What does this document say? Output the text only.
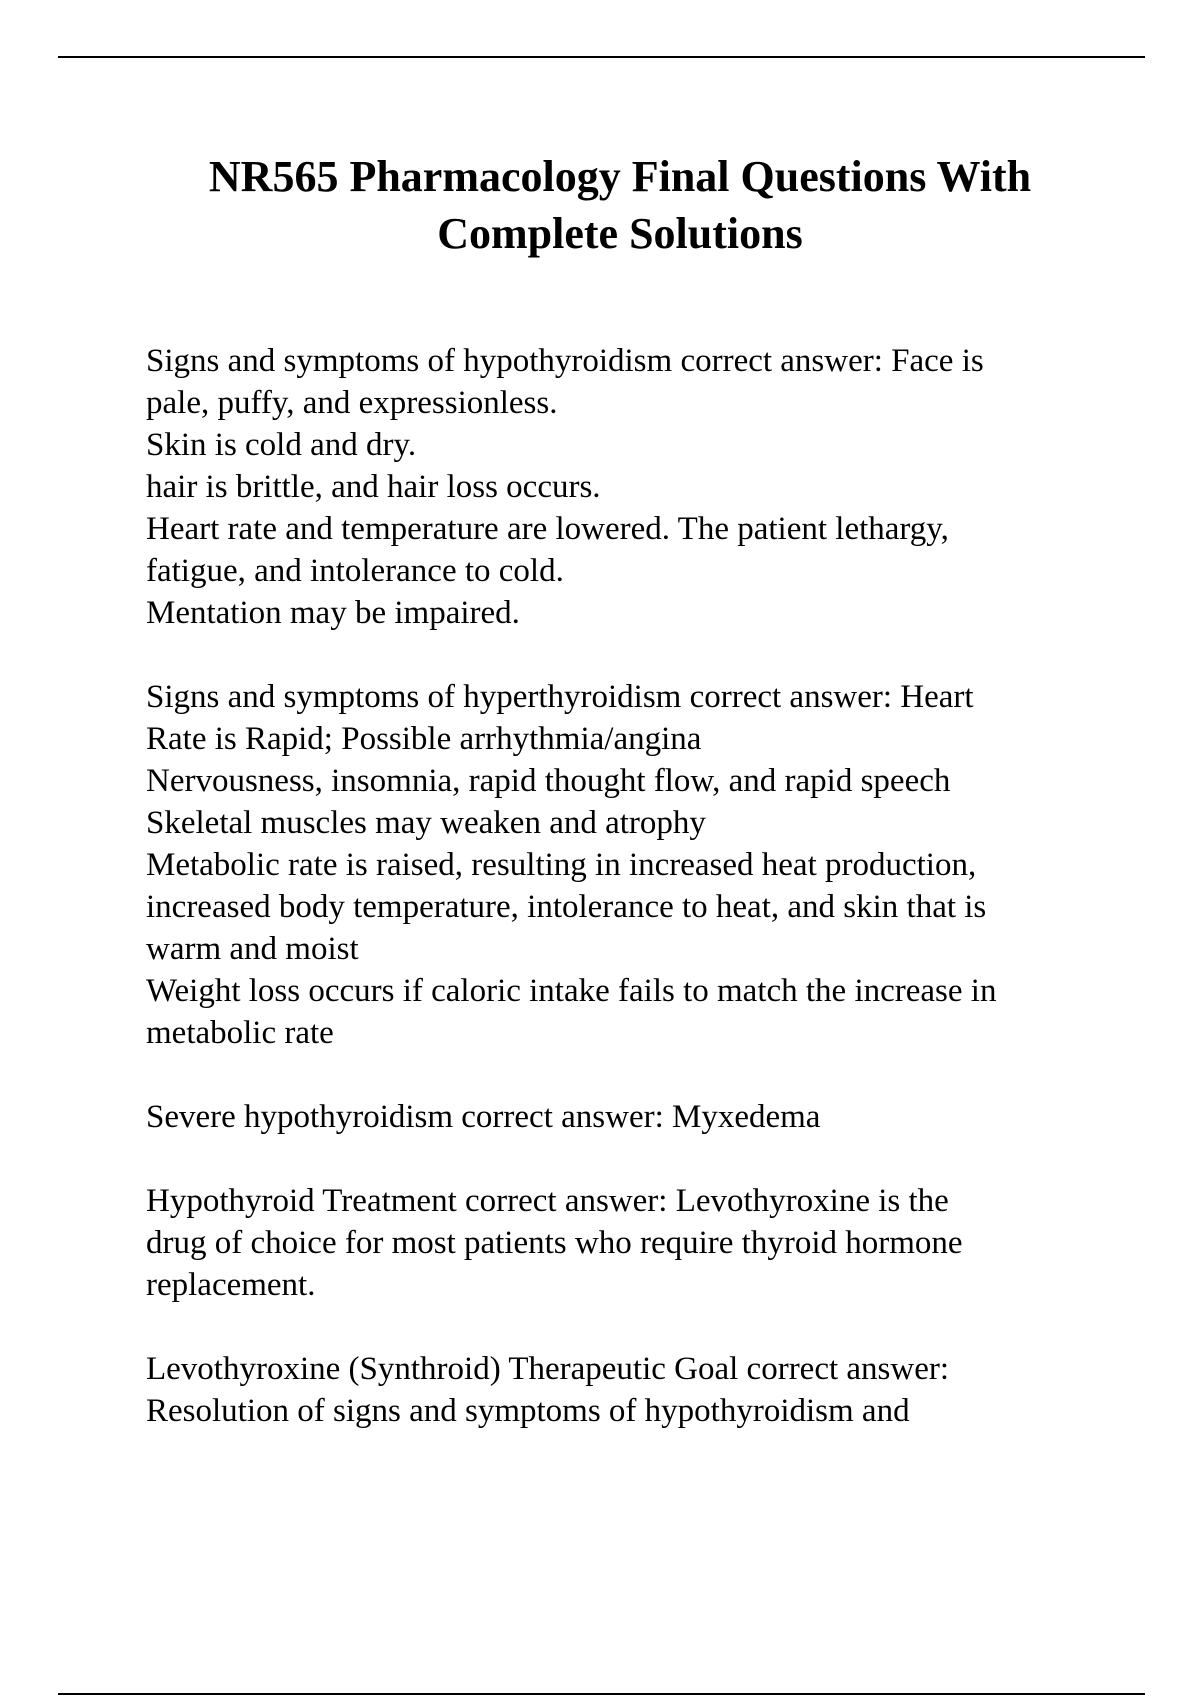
NR565 Pharmacology Final Questions With
Complete Solutions
Signs and symptoms of hypothyroidism correct answer: Face is
pale, puffy, and expressionless.
Skin is cold and dry.
hair is brittle, and hair loss occurs.
Heart rate and temperature are lowered. The patient lethargy,
fatigue, and intolerance to cold.
Mentation may be impaired.
Signs and symptoms of hyperthyroidism correct answer: Heart
Rate is Rapid; Possible arrhythmia/angina
Nervousness, insomnia, rapid thought flow, and rapid speech
Skeletal muscles may weaken and atrophy
Metabolic rate is raised, resulting in increased heat production,
increased body temperature, intolerance to heat, and skin that is
warm and moist
Weight loss occurs if caloric intake fails to match the increase in
metabolic rate
Severe hypothyroidism correct answer: Myxedema
Hypothyroid Treatment correct answer: Levothyroxine is the
drug of choice for most patients who require thyroid hormone
replacement.
Levothyroxine (Synthroid) Therapeutic Goal correct answer:
Resolution of signs and symptoms of hypothyroidism and
